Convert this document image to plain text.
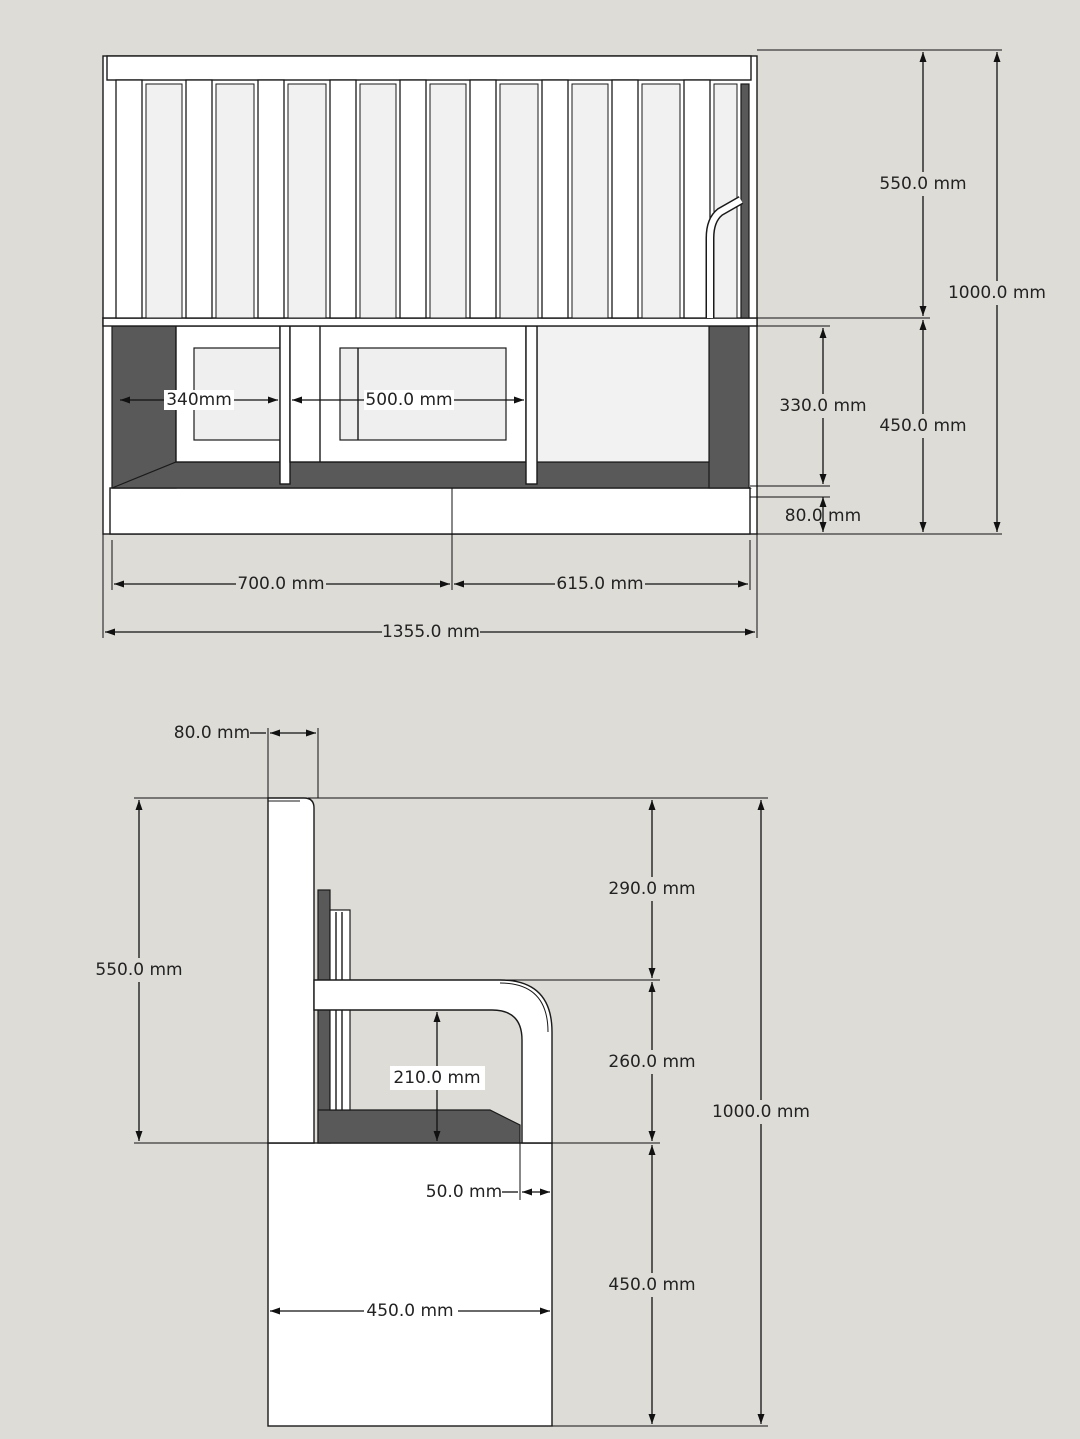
550.0 mm
450.0 mm
1000.0 mm
330.0 mm
80.0 mm
340mm	500.0 mm
700.0 mm	615.0 mm
1355.0 mm
80.0 mm
550.0 mm
290.0 mm
260.0 mm
450.0 mm
1000.0 mm
210.0 mm
50.0 mm
450.0 mm
